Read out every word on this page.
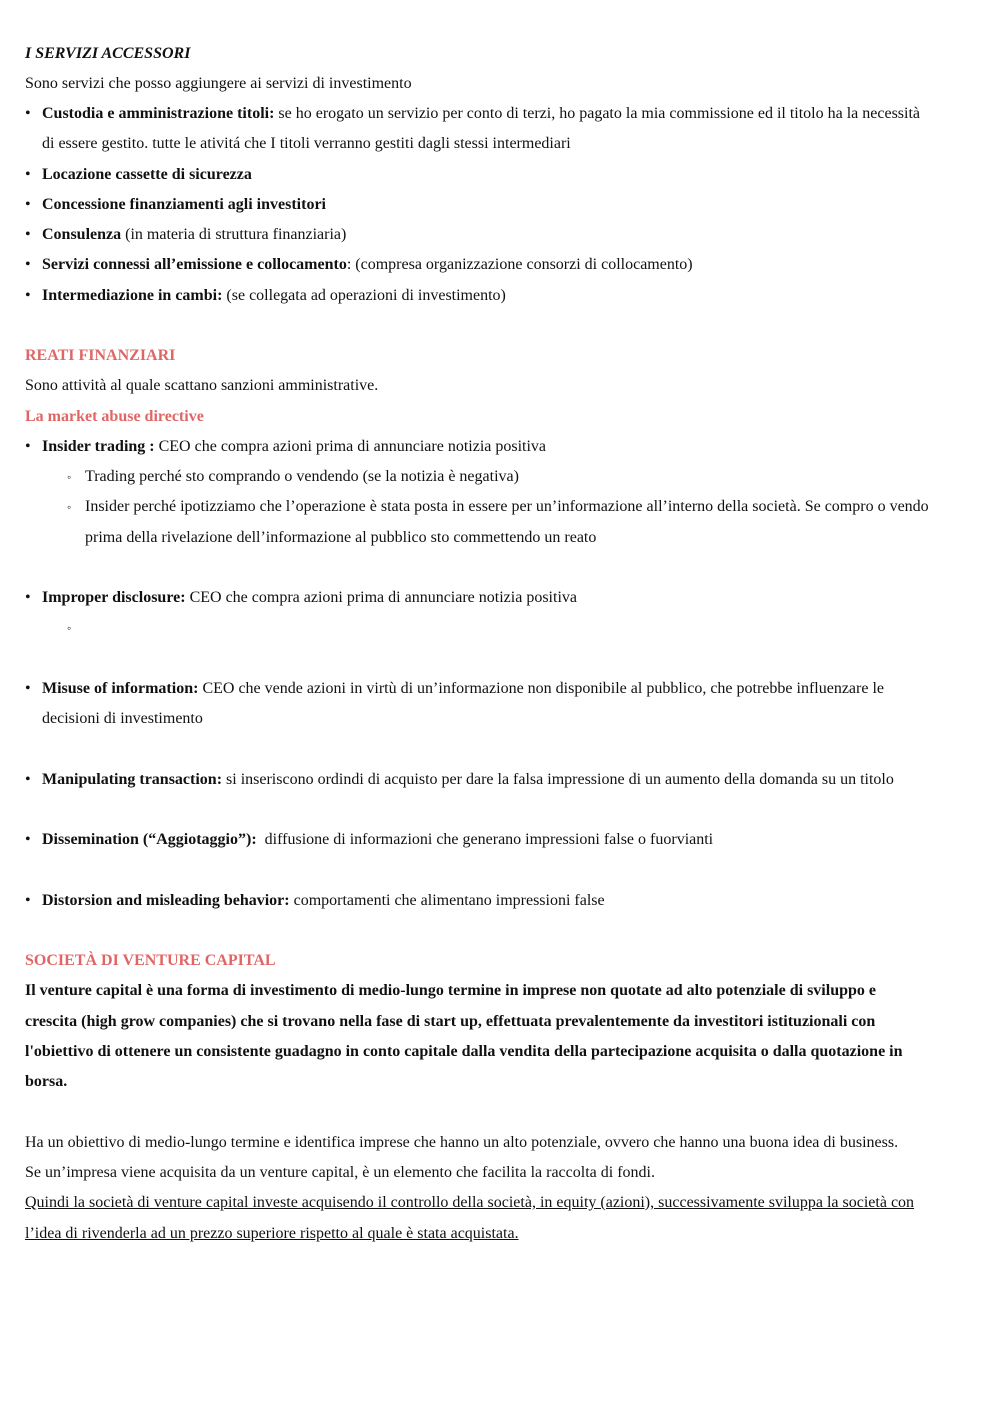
I SERVIZI ACCESSORI
Sono servizi che posso aggiungere ai servizi di investimento
• Custodia e amministrazione titoli: se ho erogato un servizio per conto di terzi, ho pagato la mia commissione ed il titolo ha la necessità
di essere gestito. tutte le ativitá che I titoli verranno gestiti dagli stessi intermediari
• Locazione cassette di sicurezza
• Concessione finanziamenti agli investitori
• Consulenza (in materia di struttura finanziaria)
• Servizi connessi all’emissione e collocamento: (compresa organizzazione consorzi di collocamento)
• Intermediazione in cambi: (se collegata ad operazioni di investimento)
REATI FINANZIARI
Sono attività al quale scattano sanzioni amministrative.
La market abuse directive
• Insider trading : CEO che compra azioni prima di annunciare notizia positiva
◦ Trading perché sto comprando o vendendo (se la notizia è negativa)
◦ Insider perché ipotizziamo che l’operazione è stata posta in essere per un’informazione all’interno della società. Se compro o vendo
prima della rivelazione dell’informazione al pubblico sto commettendo un reato
• Improper disclosure: CEO che compra azioni prima di annunciare notizia positiva
◦
• Misuse of information: CEO che vende azioni in virtù di un’informazione non disponibile al pubblico, che potrebbe influenzare le
decisioni di investimento
• Manipulating transaction: si inseriscono ordindi di acquisto per dare la falsa impressione di un aumento della domanda su un titolo
• Dissemination (“Aggiotaggio”):  diffusione di informazioni che generano impressioni false o fuorvianti
• Distorsion and misleading behavior: comportamenti che alimentano impressioni false
SOCIETÀ DI VENTURE CAPITAL
Il venture capital è una forma di investimento di medio-lungo termine in imprese non quotate ad alto potenziale di sviluppo e
crescita (high grow companies) che si trovano nella fase di start up, effettuata prevalentemente da investitori istituzionali con
l'obiettivo di ottenere un consistente guadagno in conto capitale dalla vendita della partecipazione acquisita o dalla quotazione in
borsa.
Ha un obiettivo di medio-lungo termine e identifica imprese che hanno un alto potenziale, ovvero che hanno una buona idea di business.
Se un’impresa viene acquisita da un venture capital, è un elemento che facilita la raccolta di fondi.
Quindi la società di venture capital investe acquisendo il controllo della società, in equity (azioni), successivamente sviluppa la società con
l’idea di rivenderla ad un prezzo superiore rispetto al quale è stata acquistata.
